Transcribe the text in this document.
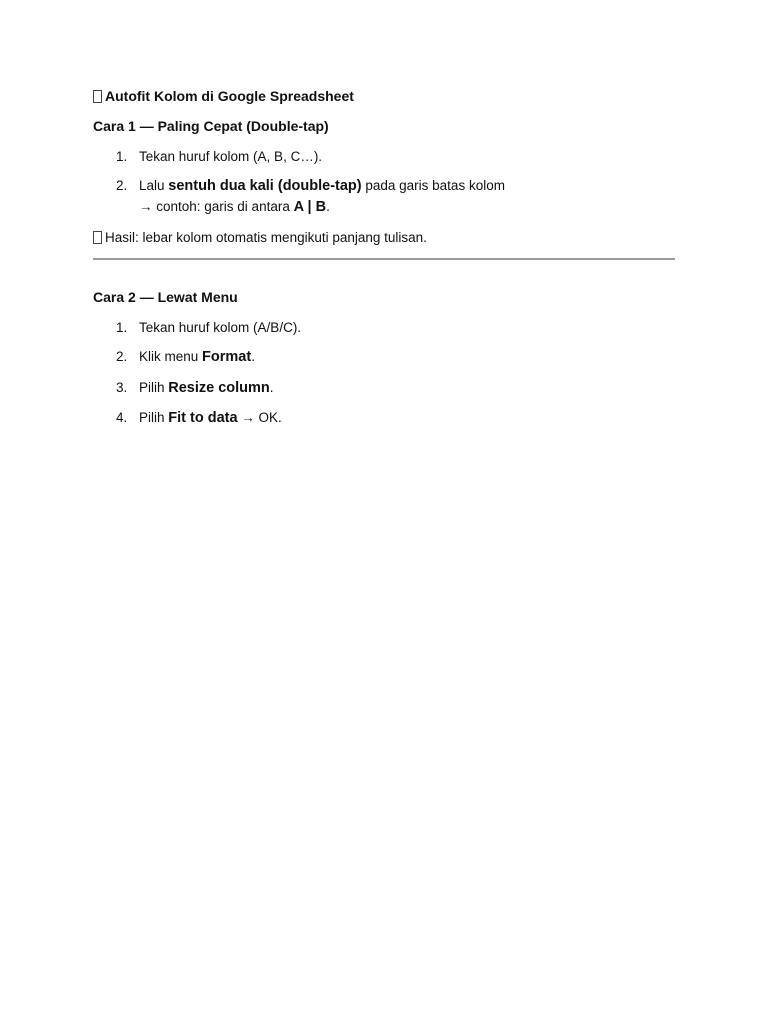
Autofit Kolom di Google Spreadsheet
Cara 1 — Paling Cepat (Double-tap)
1. Tekan huruf kolom (A, B, C…).
2. Lalu sentuh dua kali (double-tap) pada garis batas kolom
→ contoh: garis di antara A | B.
Hasil: lebar kolom otomatis mengikuti panjang tulisan.
Cara 2 — Lewat Menu
1. Tekan huruf kolom (A/B/C).
2. Klik menu Format.
3. Pilih Resize column.
4. Pilih Fit to data → OK.
